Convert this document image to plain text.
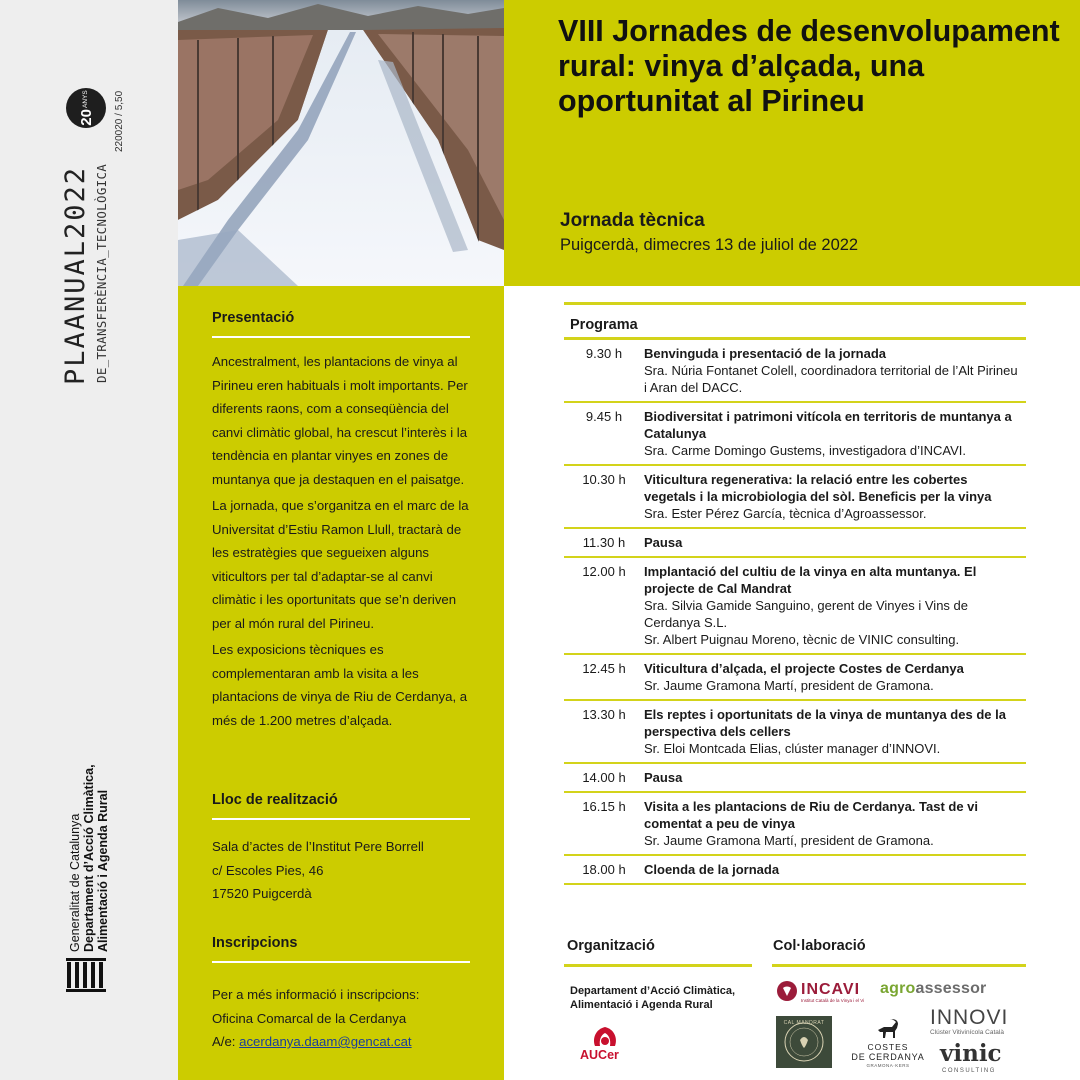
PLAANUAL2022 DE_TRANSFERÈNCIA_TECNOLÒGICA
20
ANYS	220020 / 5,50
Generalitat de Catalunya Departament d’Acció Climàtica, Alimentació i Agenda Rural
VIII Jornades de desenvolupament rural: vinya d’alçada, una oportunitat al Pirineu
Jornada tècnica
Puigcerdà, dimecres 13 de juliol de 2022
Presentació

Ancestralment, les plantacions de vinya al Pirineu eren habituals i molt importants. Per diferents raons, com a conseqüència del canvi climàtic global, ha crescut l’interès i la tendència en plantar vinyes en zones de muntanya que ja destaquen en el paisatge.

La jornada, que s’organitza en el marc de la Universitat d’Estiu Ramon Llull, tractarà de les estratègies que segueixen alguns viticultors per tal d’adaptar-se al canvi climàtic i les oportunitats que se’n deriven per al món rural del Pirineu.

Les exposicions tècniques es complementaran amb la visita a les plantacions de vinya de Riu de Cerdanya, a més de 1.200 metres d’alçada.

Lloc de realització
Sala d’actes de l’Institut Pere Borrell
c/ Escoles Pies, 46
17520 Puigcerdà
Inscripcions
Per a més informació i inscripcions:
Oficina Comarcal de la Cerdanya
A/e: acerdanya.daam@gencat.cat
Programa
9.30 h	Benvinguda i presentació de la jornada
Sra. Núria Fontanet Colell, coordinadora territorial de l’Alt Pirineu i Aran del DACC.
9.45 h	Biodiversitat i patrimoni vitícola en territoris de muntanya a Catalunya
Sra. Carme Domingo Gustems, investigadora d’INCAVI.
10.30 h	Viticultura regenerativa: la relació entre les cobertes vegetals i la microbiologia del sòl. Beneficis per la vinya
Sra. Ester Pérez García, tècnica d’Agroassessor.
11.30 h	Pausa
12.00 h	Implantació del cultiu de la vinya en alta muntanya. El projecte de Cal Mandrat
Sra. Silvia Gamide Sanguino, gerent de Vinyes i Vins de Cerdanya S.L.
Sr. Albert Puignau Moreno, tècnic de VINIC consulting.
12.45 h	Viticultura d’alçada, el projecte Costes de Cerdanya
Sr. Jaume Gramona Martí, president de Gramona.
13.30 h	Els reptes i oportunitats de la vinya de muntanya des de la perspectiva dels cellers
Sr. Eloi Montcada Elias, clúster manager d’INNOVI.
14.00 h	Pausa
16.15 h	Visita a les plantacions de Riu de Cerdanya. Tast de vi comentat a peu de vinya
Sr. Jaume Gramona Martí, president de Gramona.
18.00 h	Cloenda de la jornada
Organització	Col·laboració
Departament d’Acció Climàtica,
Alimentació i Agenda Rural
AUCer
INCAVI
Institut Català de la Vinya i el Vi
agroassessor
CAL MANDRAT
COSTES
DE CERDANYA
GRAMONA·KERS
INNOVI
Clúster Vitivinícola Català
vinic
CONSULTING
